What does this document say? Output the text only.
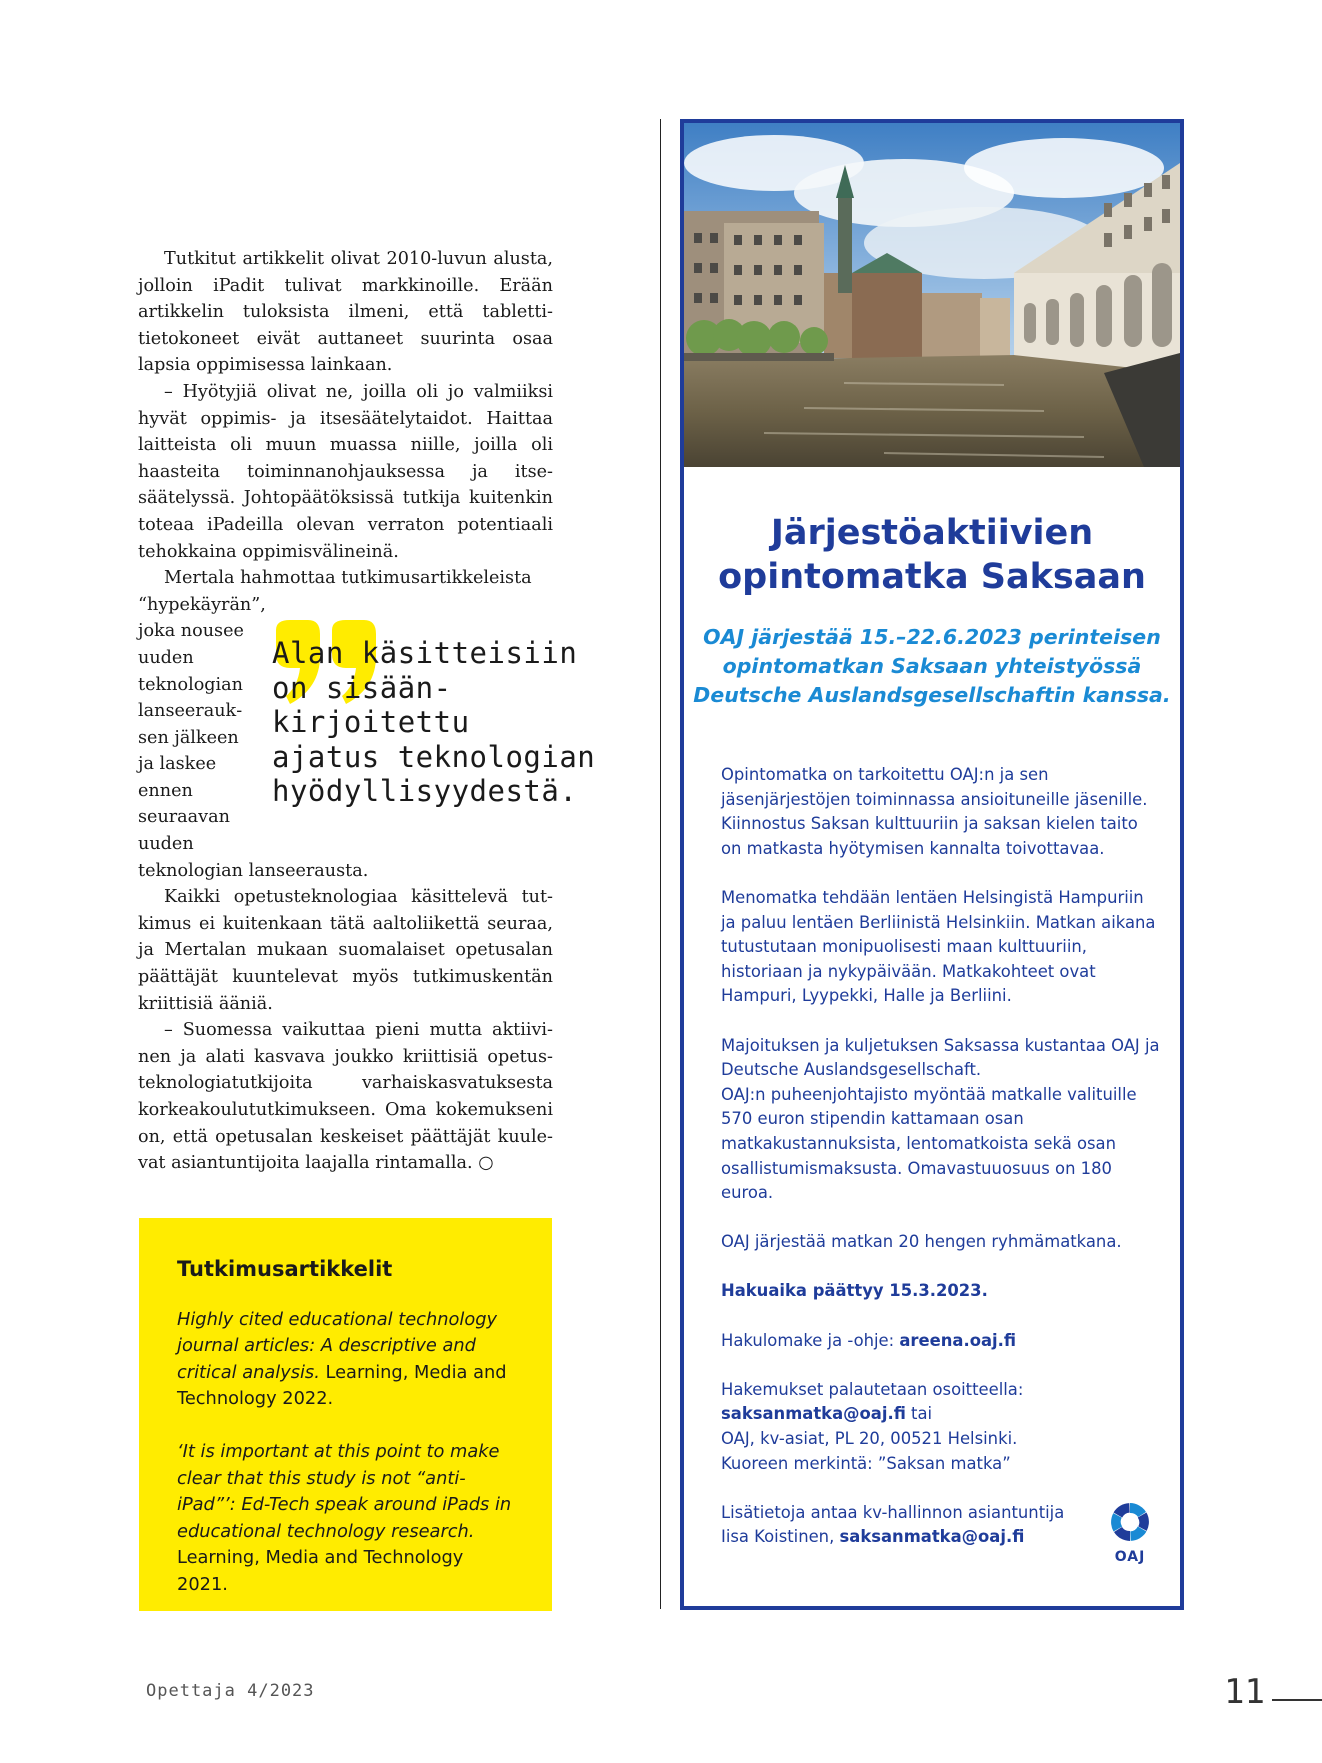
Tutkitut artikkelit olivat 2010-luvun alusta, jolloin iPadit tulivat markkinoille. Erään artikkelin tuloksista ilmeni, että tablettitietokoneet eivät auttaneet suurinta osaa lapsia oppimisessa lainkaan.

– Hyötyjiä olivat ne, joilla oli jo valmiiksi hyvät oppimis- ja itsesäätelytaidot. Haittaa laitteista oli muun muassa niille, joilla oli haasteita toiminnanohjauksessa ja itsesäätelyssä. Johtopäätöksissä tutkija kuitenkin toteaa iPadeilla olevan verraton potentiaali tehokkaina oppimisvälineinä.

Mertala hahmottaa tutkimusartikkeleista

“hypekäyrän”, joka nousee uuden teknologian lanseerauksen jälkeen ja laskee ennen seuraavan uuden
teknologian lanseerausta.

Kaikki opetusteknologiaa käsittelevä tutkimus ei kuitenkaan tätä aaltoliikettä seuraa, ja Mertalan mukaan suomalaiset opetusalan päättäjät kuuntelevat myös tutkimuskentän kriittisiä ääniä.

– Suomessa vaikuttaa pieni mutta aktiivinen ja alati kasvava joukko kriittisiä opetusteknologiatutkijoita varhaiskasvatuksesta korkeakoulututkimukseen. Oma kokemukseni on, että opetusalan keskeiset päättäjät kuulevat asiantuntijoita laajalla rintamalla. ○

Alan käsitteisiin
on sisään-
kirjoitettu
ajatus teknologian
hyödyllisyydestä.

Tutkimusartikkelit

Highly cited educational technology journal articles: A descriptive and critical analysis. Learning, Media and Technology 2022.

‘It is important at this point to make clear that this study is not “anti-iPad”’: Ed-Tech speak around iPads in educational technology research. Learning, Media and Technology 2021.

Järjestöaktiivien
opintomatka Saksaan
OAJ järjestää 15.–22.6.2023 perinteisen opintomatkan Saksaan yhteistyössä Deutsche Auslandsgesellschaftin kanssa.

Opintomatka on tarkoitettu OAJ:n ja sen jäsenjärjestöjen toiminnassa ansioituneille jäsenille. Kiinnostus Saksan kulttuuriin ja saksan kielen taito on matkasta hyötymisen kannalta toivottavaa.

Menomatka tehdään lentäen Helsingistä Hampuriin ja paluu lentäen Berliinistä Helsinkiin. Matkan aikana tutustutaan monipuolisesti maan kulttuuriin, historiaan ja nykypäivään. Matkakohteet ovat Hampuri, Lyypekki, Halle ja Berliini.

Majoituksen ja kuljetuksen Saksassa kustantaa OAJ ja Deutsche Auslandsgesellschaft.
OAJ:n puheenjohtajisto myöntää matkalle valituille 570 euron stipendin kattamaan osan matkakustannuksista, lentomatkoista sekä osan osallistumismaksusta. Omavastuuosuus on 180 euroa.

OAJ järjestää matkan 20 hengen ryhmämatkana.

Hakuaika päättyy 15.3.2023.

Hakulomake ja -ohje: areena.oaj.fi

Hakemukset palautetaan osoitteella:
saksanmatka@oaj.fi tai
OAJ, kv-asiat, PL 20, 00521 Helsinki.
Kuoreen merkintä: ”Saksan matka”

Lisätietoja antaa kv-hallinnon asiantuntija
Iisa Koistinen, saksanmatka@oaj.fi

OAJ
Opettaja 4/2023	11
